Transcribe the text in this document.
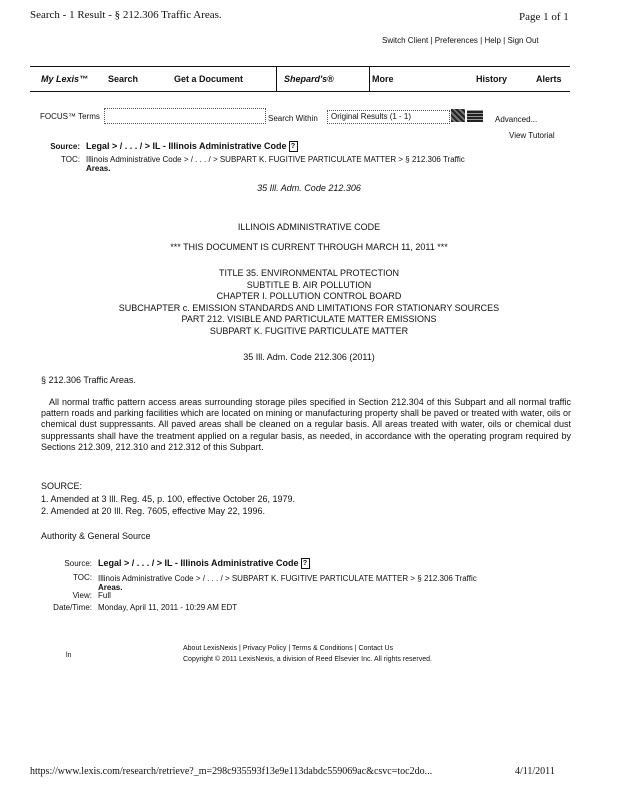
Search - 1 Result - § 212.306 Traffic Areas.	Page 1 of 1
Switch Client | Preferences | Help | Sign Out
My Lexis™ Search	Get a Document	Shepard's®	More	History	Alerts
FOCUS™ Terms	Search Within	Original Results (1 - 1)	Advanced...
View Tutorial
Source: Legal > / . . . / > IL - Illinois Administrative Code ?
TOC: Illinois Administrative Code > / . . . / > SUBPART K. FUGITIVE PARTICULATE MATTER > § 212.306 Traffic
Areas.
35 Ill. Adm. Code 212.306
ILLINOIS ADMINISTRATIVE CODE
*** THIS DOCUMENT IS CURRENT THROUGH MARCH 11, 2011 ***
TITLE 35. ENVIRONMENTAL PROTECTION
SUBTITLE B. AIR POLLUTION
CHAPTER I. POLLUTION CONTROL BOARD
SUBCHAPTER c. EMISSION STANDARDS AND LIMITATIONS FOR STATIONARY SOURCES
PART 212. VISIBLE AND PARTICULATE MATTER EMISSIONS
SUBPART K. FUGITIVE PARTICULATE MATTER
35 Ill. Adm. Code 212.306 (2011)
§ 212.306 Traffic Areas.
All normal traffic pattern access areas surrounding storage piles specified in Section 212.304 of this Subpart and all normal traffic pattern roads and parking facilities which are located on mining or manufacturing property shall be paved or treated with water, oils or chemical dust suppressants. All paved areas shall be cleaned on a regular basis. All areas treated with water, oils or chemical dust suppressants shall have the treatment applied on a regular basis, as needed, in accordance with the operating program required by Sections 212.309, 212.310 and 212.312 of this Subpart.
SOURCE:
1. Amended at 3 Ill. Reg. 45, p. 100, effective October 26, 1979.
2. Amended at 20 Ill. Reg. 7605, effective May 22, 1996.
Authority & General Source
Source: Legal > / . . . / > IL - Illinois Administrative Code ?
TOC: Illinois Administrative Code > / . . . / > SUBPART K. FUGITIVE PARTICULATE MATTER > § 212.306 Traffic
Areas.
View: Full
Date/Time: Monday, April 11, 2011 - 10:29 AM EDT
ln
About LexisNexis | Privacy Policy | Terms & Conditions | Contact Us
Copyright © 2011 LexisNexis, a division of Reed Elsevier Inc. All rights reserved.
https://www.lexis.com/research/retrieve?_m=298c935593f13e9e113dabdc559069ac&csvc=toc2do...	4/11/2011
